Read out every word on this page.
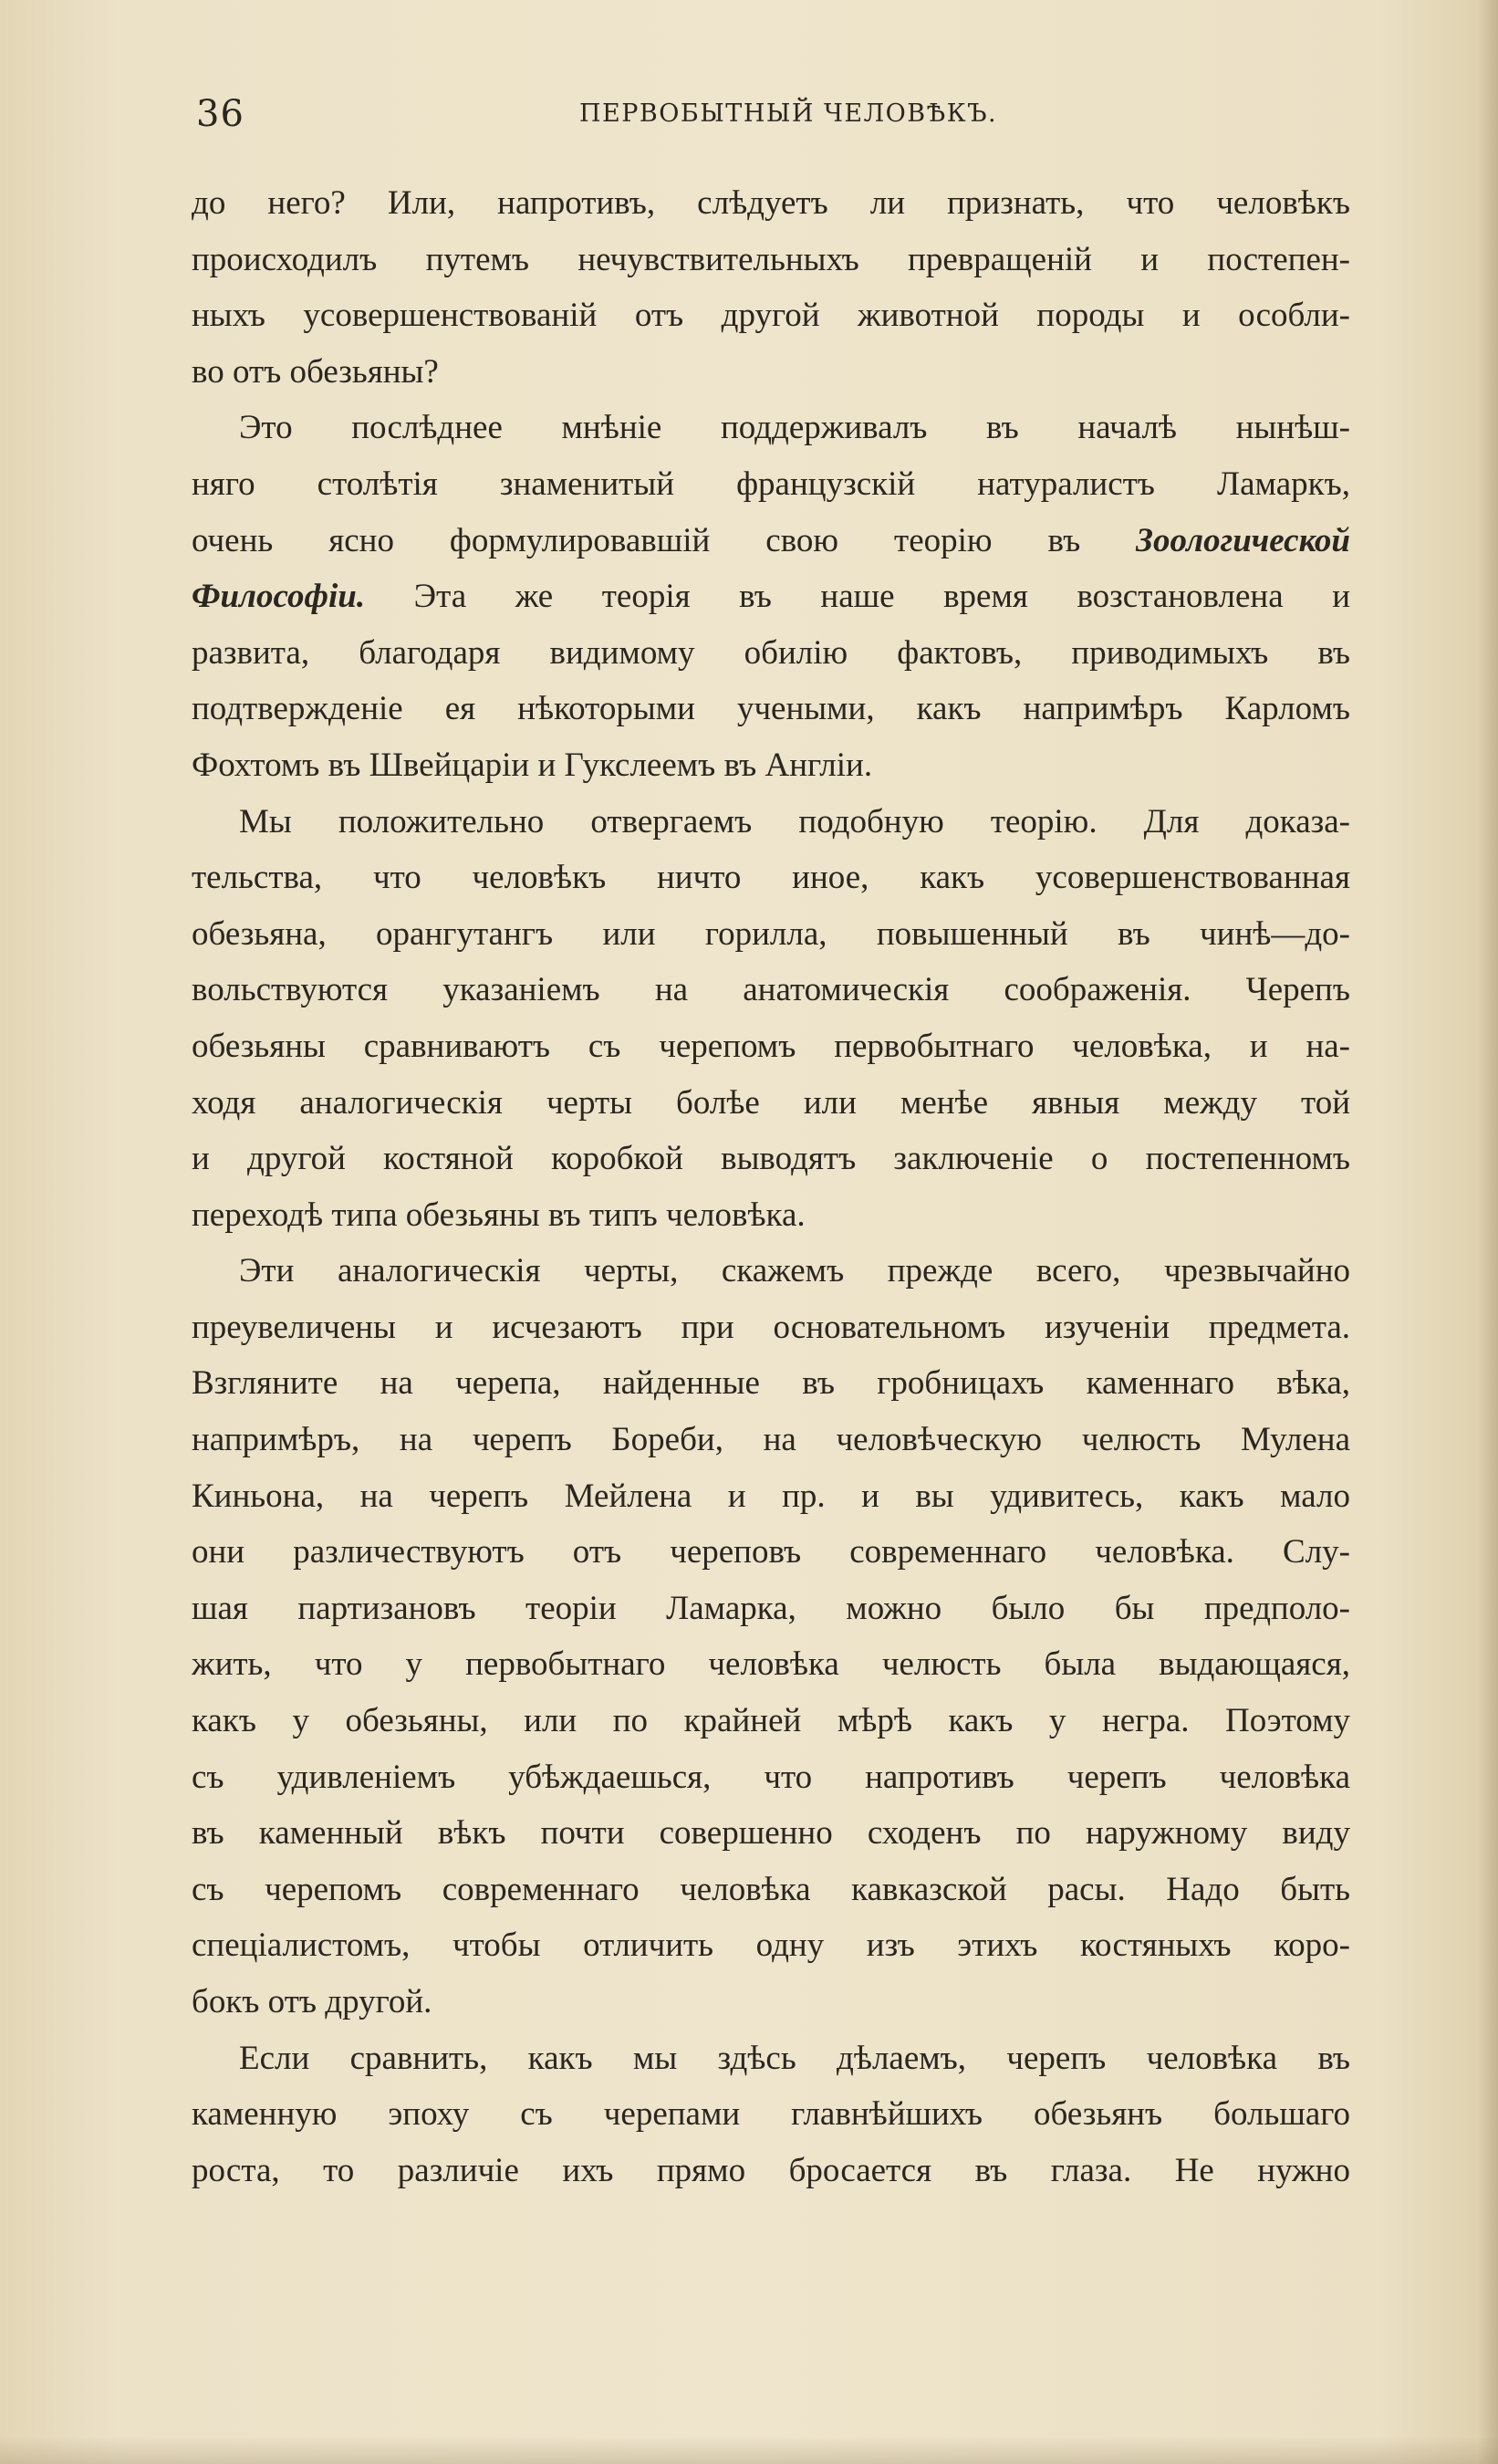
36	ПЕРВОБЫТНЫЙ ЧЕЛОВѢКЪ.
до него? Или, напротивъ, слѣдуетъ ли признать, что человѣкъ
происходилъ путемъ нечувствительныхъ превращенiй и постепен-
ныхъ усовершенствованiй отъ другой животной породы и особли-
во отъ обезьяны?
Это послѣднее мнѣнiе поддерживалъ въ началѣ нынѣш-
няго столѣтiя знаменитый французскiй натуралистъ Ламаркъ,
очень ясно формулировавшiй свою теорiю въ Зоологической
Философiи. Эта же теорiя въ наше время возстановлена и
развита, благодаря видимому обилiю фактовъ, приводимыхъ въ
подтвержденiе ея нѣкоторыми учеными, какъ напримѣръ Карломъ
Фохтомъ въ Швейцарiи и Гукслеемъ въ Англiи.
Мы положительно отвергаемъ подобную теорiю. Для доказа-
тельства, что человѣкъ ничто иное, какъ усовершенствованная
обезьяна, орангутангъ или горилла, повышенный въ чинѣ—до-
вольствуются указанiемъ на анатомическiя соображенiя. Черепъ
обезьяны сравниваютъ съ черепомъ первобытнаго человѣка, и на-
ходя аналогическiя черты болѣе или менѣе явныя между той
и другой костяной коробкой выводятъ заключенiе о постепенномъ
переходѣ типа обезьяны въ типъ человѣка.
Эти аналогическiя черты, скажемъ прежде всего, чрезвычайно
преувеличены и исчезаютъ при основательномъ изученiи предмета.
Взгляните на черепа, найденные въ гробницахъ каменнаго вѣка,
напримѣръ, на черепъ Бореби, на человѣческую челюсть Мулена
Киньона, на черепъ Мейлена и пр. и вы удивитесь, какъ мало
они различествуютъ отъ череповъ современнаго человѣка. Слу-
шая партизановъ теорiи Ламарка, можно было бы предполо-
жить, что у первобытнаго человѣка челюсть была выдающаяся,
какъ у обезьяны, или по крайней мѣрѣ какъ у негра. Поэтому
съ удивленiемъ убѣждаешься, что напротивъ черепъ человѣка
въ каменный вѣкъ почти совершенно сходенъ по наружному виду
съ черепомъ современнаго человѣка кавказской расы. Надо быть
спецiалистомъ, чтобы отличить одну изъ этихъ костяныхъ коро-
бокъ отъ другой.
Если сравнить, какъ мы здѣсь дѣлаемъ, черепъ человѣка въ
каменную эпоху съ черепами главнѣйшихъ обезьянъ большаго
роста, то различiе ихъ прямо бросается въ глаза. Не нужно
